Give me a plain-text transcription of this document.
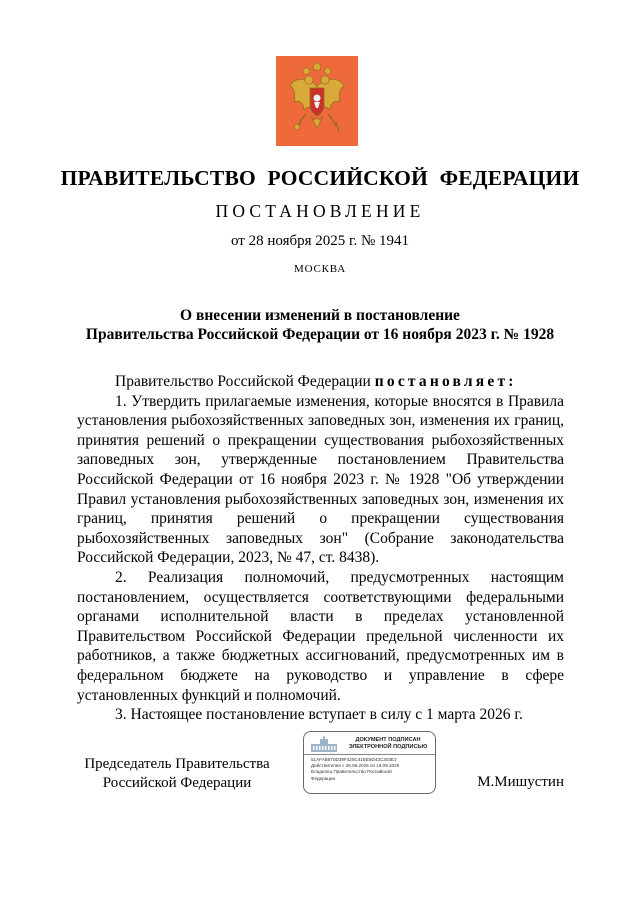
ПРАВИТЕЛЬСТВО РОССИЙСКОЙ ФЕДЕРАЦИИ
ПОСТАНОВЛЕНИЕ
от 28 ноября 2025 г. № 1941
МОСКВА
О внесении изменений в постановление
Правительства Российской Федерации от 16 ноября 2023 г. № 1928

Правительство Российской Федерации постановляет:

1. Утвердить прилагаемые изменения, которые вносятся в Правила установления рыбохозяйственных заповедных зон, изменения их границ, принятия решений о прекращении существования рыбохозяйственных заповедных зон, утвержденные постановлением Правительства Российской Федерации от 16 ноября 2023 г. № 1928 "Об утверждении Правил установления рыбохозяйственных заповедных зон, изменения их границ, принятия решений о прекращении существования рыбохозяйственных заповедных зон" (Собрание законодательства Российской Федерации, 2023, № 47, ст. 8438).

2. Реализация полномочий, предусмотренных настоящим постановлением, осуществляется соответствующими федеральными органами исполнительной власти в пределах установленной Правительством Российской Федерации предельной численности их работников, а также бюджетных ассигнований, предусмотренных им в федеральном бюджете на руководство и управление в сфере установленных функций и полномочий.

3. Настоящее постановление вступает в силу с 1 марта 2026 г.

Председатель Правительства
Российской Федерации
ДОКУМЕНТ ПОДПИСАН
ЭЛЕКТРОННОЙ ПОДПИСЬЮ
51AFAB870D39F420C41EE5D43C303E3
Действителен с 26.06.2025 по 19.09.2026
Владелец Правительство Российской
Федерации	М.Мишустин
